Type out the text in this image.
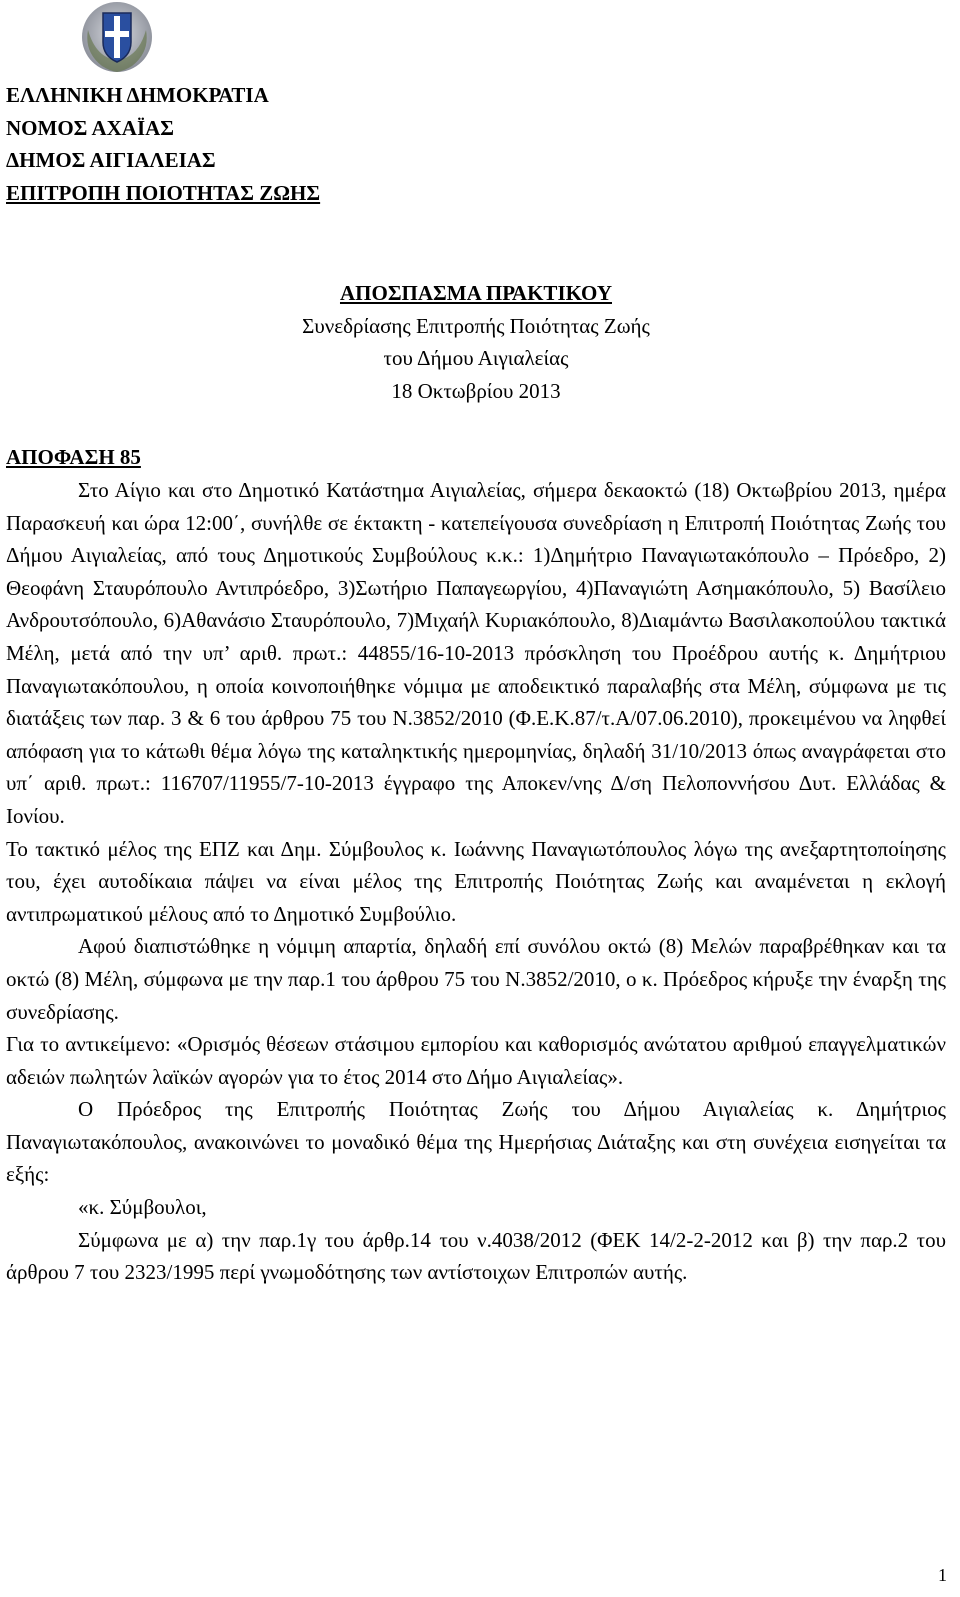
ΕΛΛΗΝΙΚΗ ΔΗΜΟΚΡΑΤΙΑ
ΝΟΜΟΣ ΑΧΑΪΑΣ
ΔΗΜΟΣ ΑΙΓΙΑΛΕΙΑΣ
ΕΠΙΤΡΟΠΗ ΠΟΙΟΤΗΤΑΣ ΖΩΗΣ
ΑΠΟΣΠΑΣΜΑ ΠΡΑΚΤΙΚΟΥ
Συνεδρίασης Επιτροπής Ποιότητας Ζωής
του Δήμου Αιγιαλείας
18 Οκτωβρίου 2013
ΑΠΟΦΑΣΗ 85

Στο Αίγιο και στο Δημοτικό Κατάστημα Αιγιαλείας, σήμερα δεκαοκτώ (18) Οκτωβρίου 2013, ημέρα Παρασκευή και ώρα 12:00΄, συνήλθε σε έκτακτη - κατεπείγουσα συνεδρίαση η Επιτροπή Ποιότητας Ζωής του Δήμου Αιγιαλείας, από τους Δημοτικούς Συμβούλους κ.κ.: 1)Δημήτριο Παναγιωτακόπουλο – Πρόεδρο, 2) Θεοφάνη Σταυρόπουλο Αντιπρόεδρο, 3)Σωτήριο Παπαγεωργίου, 4)Παναγιώτη Ασημακόπουλο, 5) Βασίλειο Ανδρουτσόπουλο, 6)Αθανάσιο Σταυρόπουλο, 7)Μιχαήλ Κυριακόπουλο, 8)Διαμάντω Βασιλακοπούλου τακτικά Μέλη, μετά από την υπ’ αριθ. πρωτ.: 44855/16-10-2013 πρόσκληση του Προέδρου αυτής κ. Δημήτριου Παναγιωτακόπουλου, η οποία κοινοποιήθηκε νόμιμα με αποδεικτικό παραλαβής στα Μέλη, σύμφωνα με τις διατάξεις των παρ. 3 & 6 του άρθρου 75 του Ν.3852/2010 (Φ.Ε.Κ.87/τ.Α/07.06.2010), προκειμένου να ληφθεί απόφαση για το κάτωθι θέμα λόγω της καταληκτικής ημερομηνίας, δηλαδή 31/10/2013 όπως αναγράφεται στο υπ΄ αριθ. πρωτ.: 116707/11955/7-10-2013 έγγραφο της Αποκεν/νης Δ/ση Πελοποννήσου Δυτ. Ελλάδας & Ιονίου.

Το τακτικό μέλος της ΕΠΖ και Δημ. Σύμβουλος κ. Ιωάννης Παναγιωτόπουλος λόγω της ανεξαρτητοποίησης του, έχει αυτοδίκαια πάψει να είναι μέλος της Επιτροπής Ποιότητας Ζωής και αναμένεται η εκλογή αντιπρωματικού μέλους από το Δημοτικό Συμβούλιο.

Αφού διαπιστώθηκε η νόμιμη απαρτία, δηλαδή επί συνόλου οκτώ (8) Μελών παραβρέθηκαν και τα οκτώ (8) Μέλη, σύμφωνα με την παρ.1 του άρθρου 75 του Ν.3852/2010, ο κ. Πρόεδρος κήρυξε την έναρξη της συνεδρίασης.

Για το αντικείμενο: «Ορισμός θέσεων στάσιμου εμπορίου και καθορισμός ανώτατου αριθμού επαγγελματικών αδειών πωλητών λαϊκών αγορών για το έτος 2014 στο Δήμο Αιγιαλείας».

Ο Πρόεδρος της Επιτροπής Ποιότητας Ζωής του Δήμου Αιγιαλείας κ. Δημήτριος Παναγιωτακόπουλος, ανακοινώνει το μοναδικό θέμα της Ημερήσιας Διάταξης και στη συνέχεια εισηγείται τα εξής:

«κ. Σύμβουλοι,

Σύμφωνα με α) την παρ.1γ του άρθρ.14 του ν.4038/2012 (ΦΕΚ 14/2-2-2012 και β) την παρ.2 του άρθρου 7 του 2323/1995 περί γνωμοδότησης των αντίστοιχων Επιτροπών αυτής.

1
